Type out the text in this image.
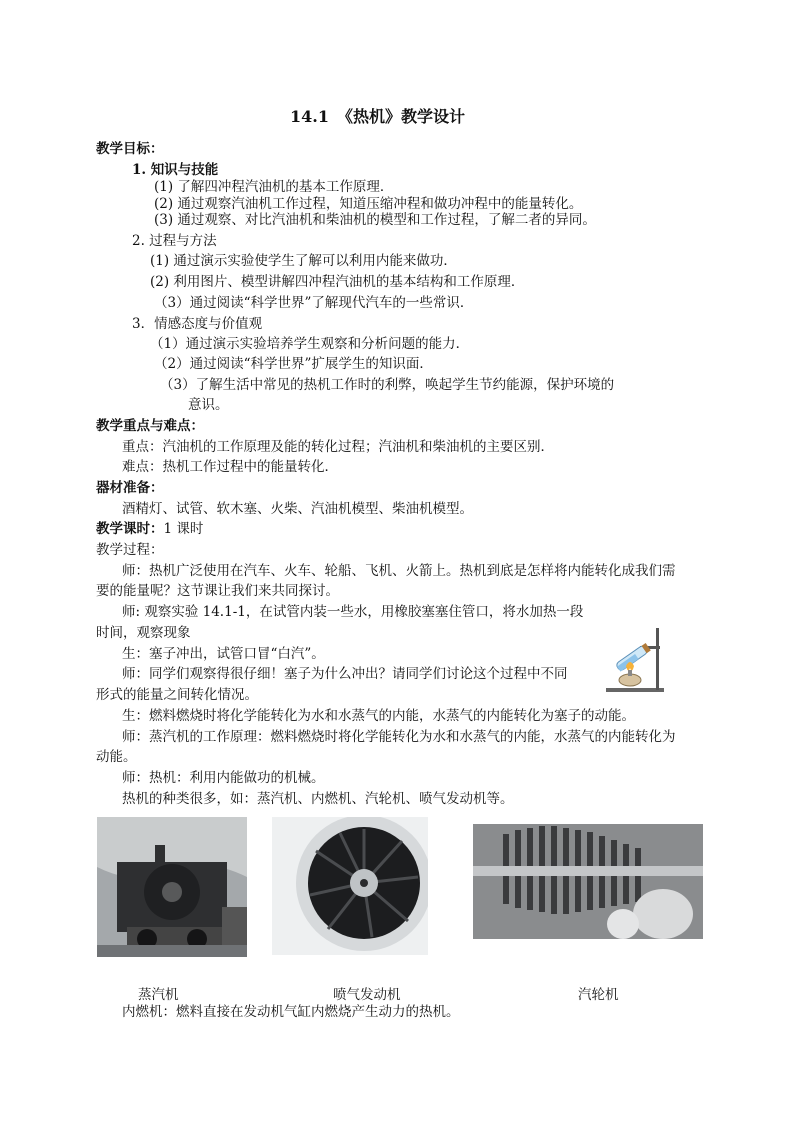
14.1　《热机》教学设计
教学目标：
1. 知识与技能
(1) 了解四冲程汽油机的基本工作原理．
(2) 通过观察汽油机工作过程，知道压缩冲程和做功冲程中的能量转化。
(3) 通过观察、对比汽油机和柴油机的模型和工作过程，了解二者的异同。
2. 过程与方法
(1) 通过演示实验使学生了解可以利用内能来做功．
(2) 利用图片、模型讲解四冲程汽油机的基本结构和工作原理．
（3）通过阅读“科学世界”了解现代汽车的一些常识．
3．情感态度与价值观
（1）通过演示实验培养学生观察和分析问题的能力．
（2）通过阅读“科学世界”扩展学生的知识面．
（3）了解生活中常见的热机工作时的利弊，唤起学生节约能源，保护环境的
意识。
教学重点与难点：
重点：汽油机的工作原理及能的转化过程；汽油机和柴油机的主要区别．
难点：热机工作过程中的能量转化．
器材准备：
酒精灯、试管、软木塞、火柴、汽油机模型、柴油机模型。
教学课时：1 课时
教学过程：
师：热机广泛使用在汽车、火车、轮船、飞机、火箭上。热机到底是怎样将内能转化成我们需
要的能量呢？这节课让我们来共同探讨。
师: 观察实验 14.1-1，在试管内装一些水，用橡胶塞塞住管口，将水加热一段
时间，观察现象
生：塞子冲出，试管口冒“白汽”。
师：同学们观察得很仔细！塞子为什么冲出？请同学们讨论这个过程中不同
形式的能量之间转化情况。
生：燃料燃烧时将化学能转化为水和水蒸气的内能，水蒸气的内能转化为塞子的动能。
师：蒸汽机的工作原理：燃料燃烧时将化学能转化为水和水蒸气的内能，水蒸气的内能转化为
动能。
师：热机：利用内能做功的机械。
热机的种类很多，如：蒸汽机、内燃机、汽轮机、喷气发动机等。
蒸汽机	喷气发动机	汽轮机
内燃机：燃料直接在发动机气缸内燃烧产生动力的热机。
